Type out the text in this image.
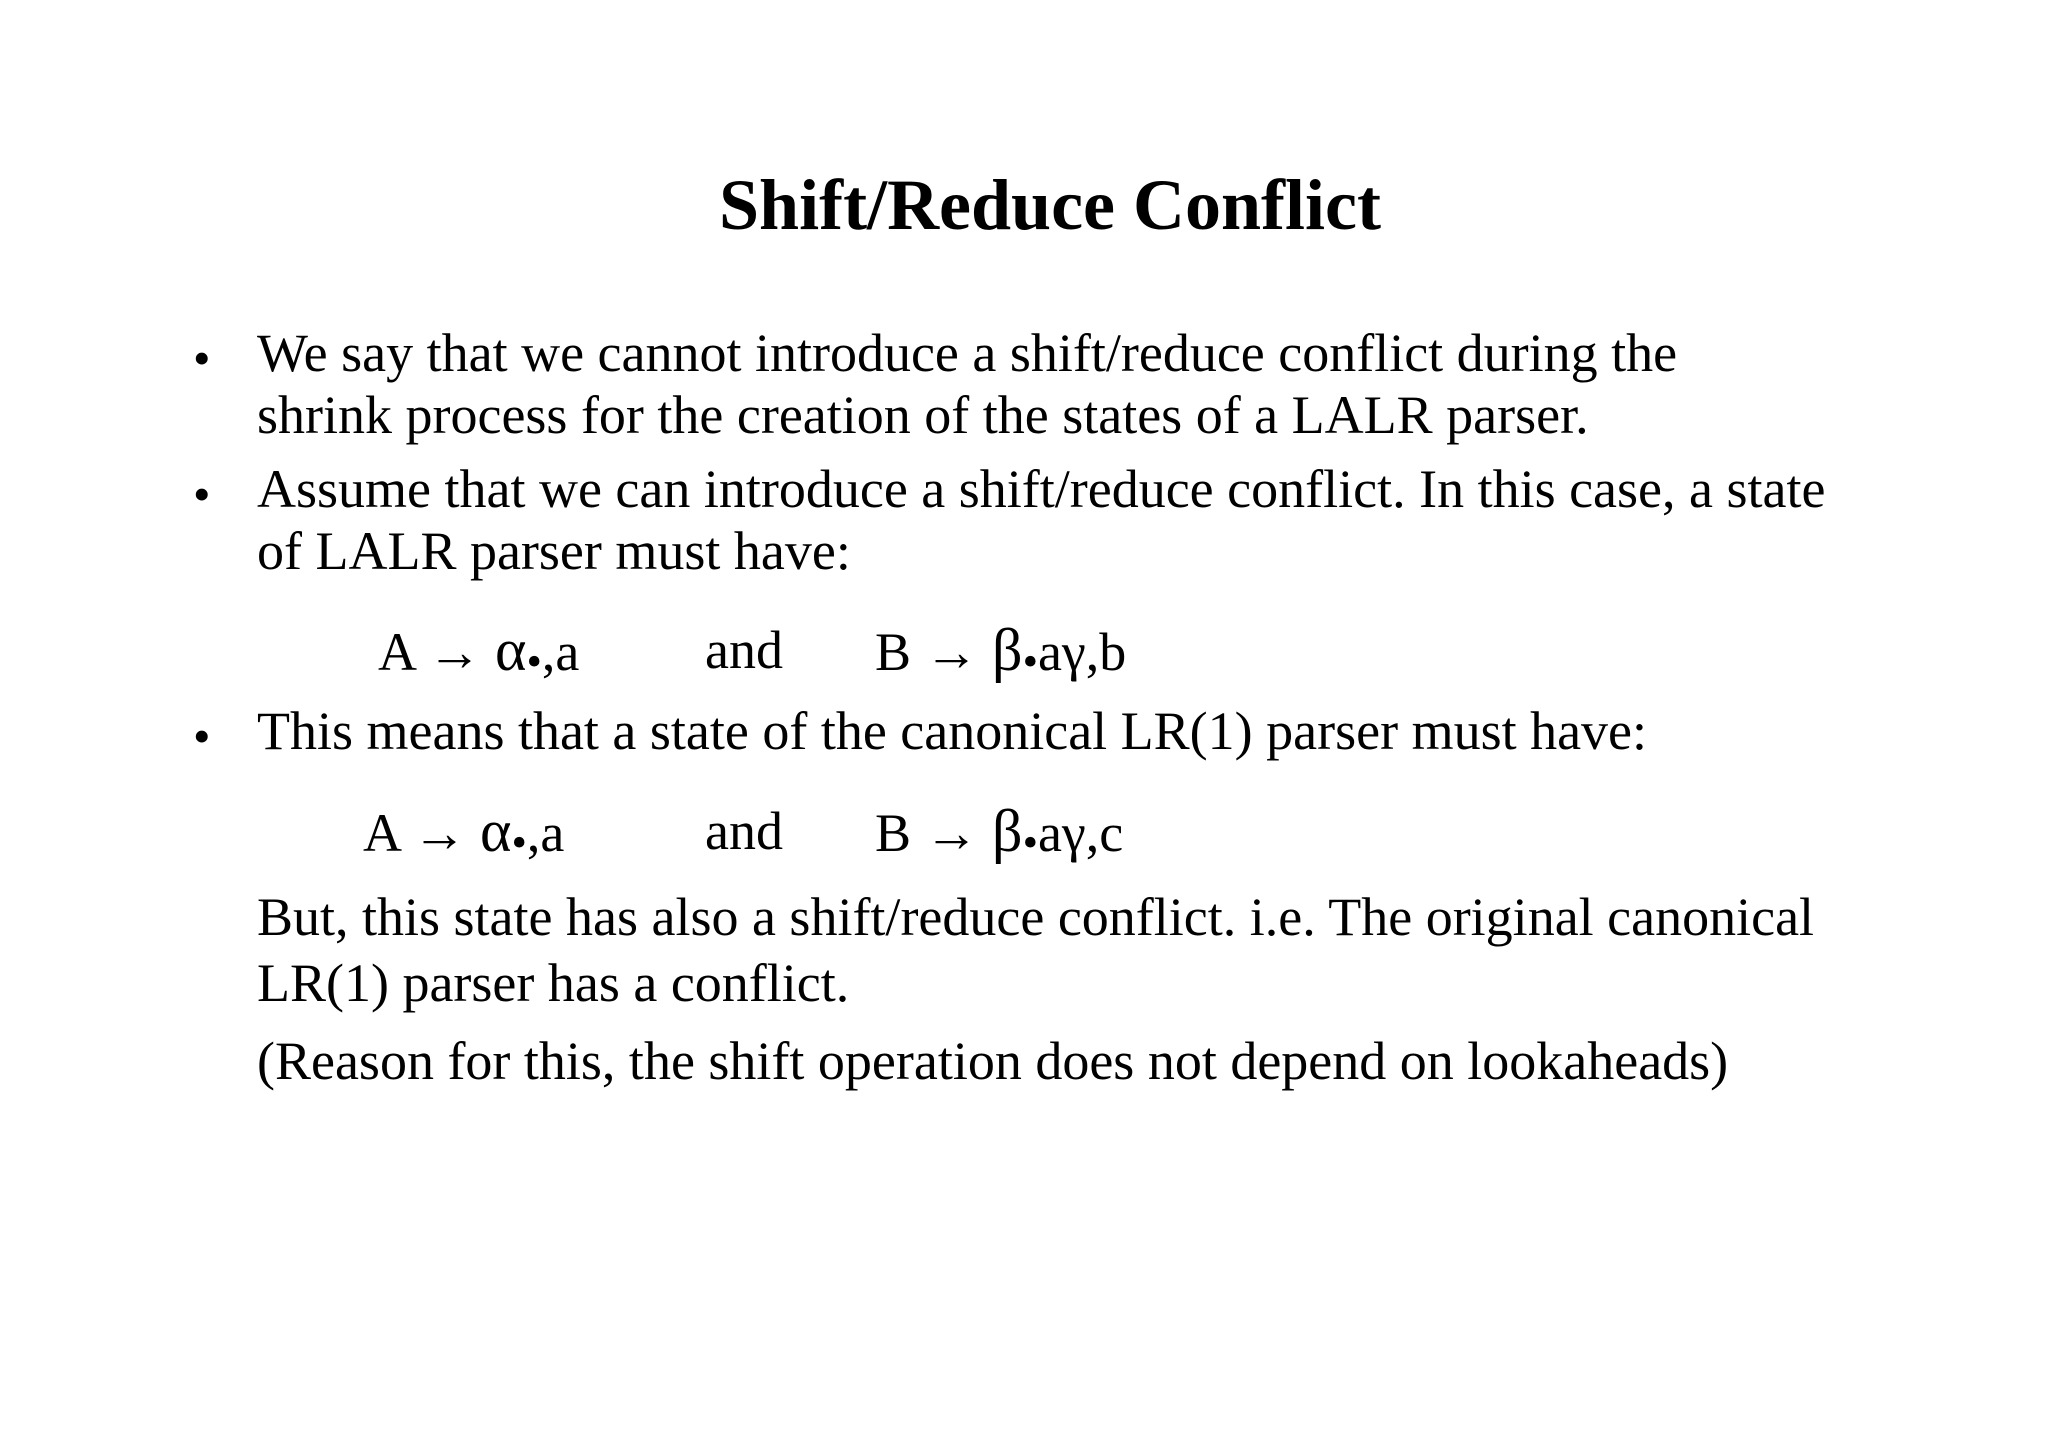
Shift/Reduce Conflict
• We say that we cannot introduce a shift/reduce conflict during the
shrink process for the creation of the states of a LALR parser.
• Assume that we can introduce a shift/reduce conflict. In this case, a state
of LALR parser must have:
A → α•,a and B → β•aγ,b
• This means that a state of the canonical LR(1) parser must have:
A → α•,a	and B → β•aγ,c
But, this state has also a shift/reduce conflict. i.e. The original canonical
LR(1) parser has a conflict.
(Reason for this, the shift operation does not depend on lookaheads)
